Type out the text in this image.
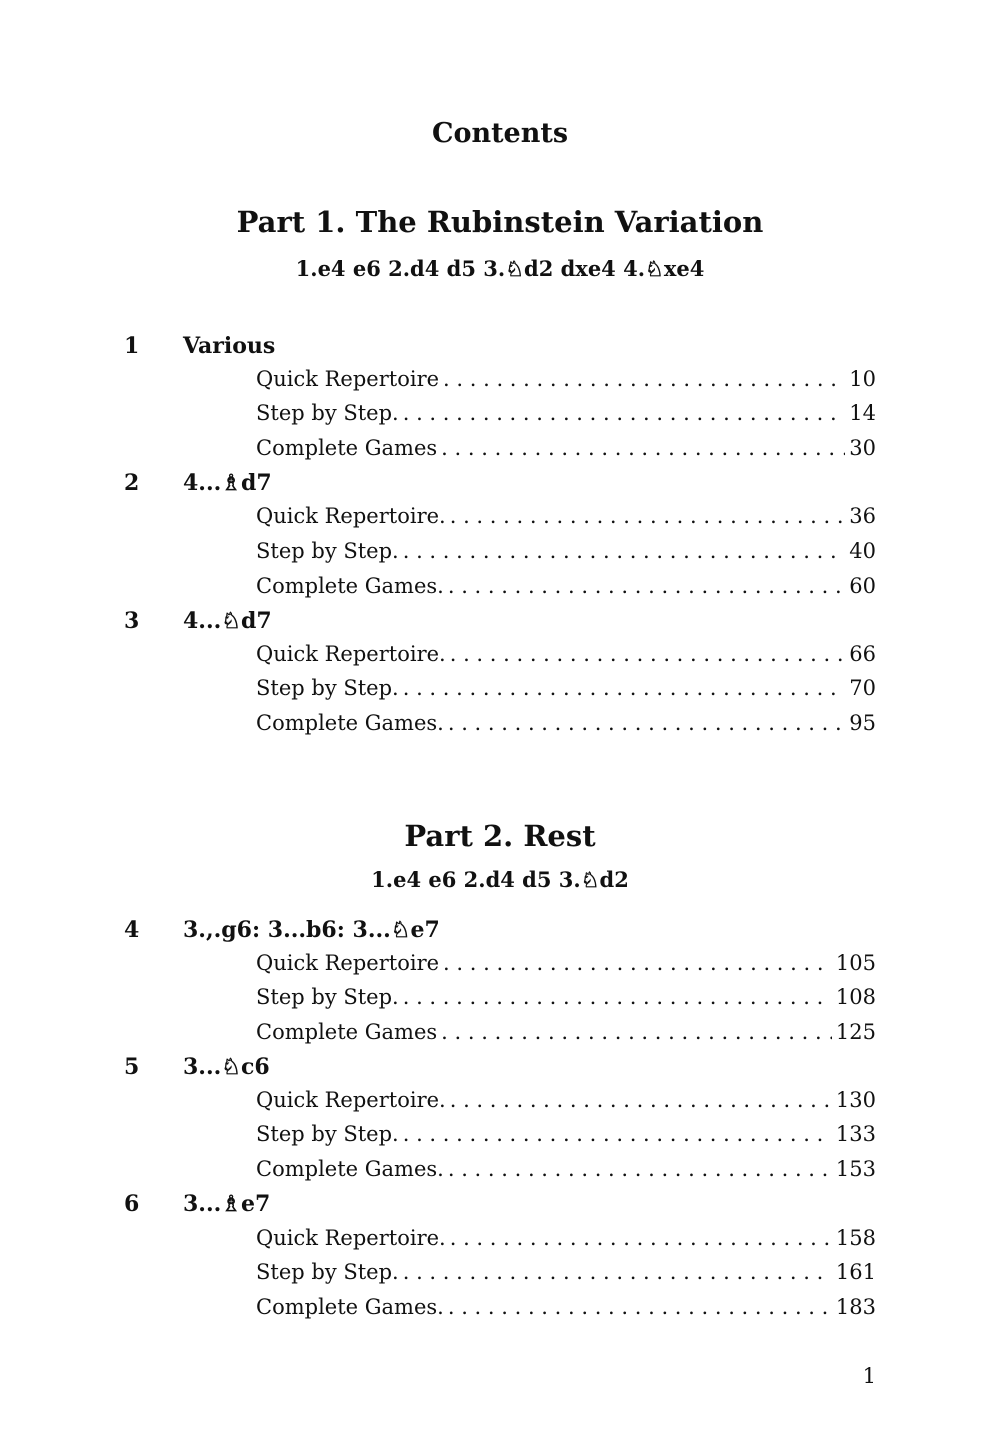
Contents
Part 1. The Rubinstein Variation
1.e4 e6 2.d4 d5 3.♘d2 dxe4 4.♘xe4
1 Various
Quick Repertoire . . .	10
Step by Step. . . .	14
Complete Games . . .	30
2 4...♗d7
Quick Repertoire. . . .	36
Step by Step. . . .	40
Complete Games. . . .	60
3 4...♘d7
Quick Repertoire. . . .	66
Step by Step. . . .	70
Complete Games. . . .	95
Part 2. Rest
1.e4 e6 2.d4 d5 3.♘d2
4 3.,.g6: 3...b6: 3...♘e7
Quick Repertoire . . .	105
Step by Step. . . .	108
Complete Games . . .	125
5 3...♘c6
Quick Repertoire. . . .	130
Step by Step. . . .	133
Complete Games. . . .	153
6 3...♗e7
Quick Repertoire. . . .	158
Step by Step. . . .	161
Complete Games. . . .	183
1
